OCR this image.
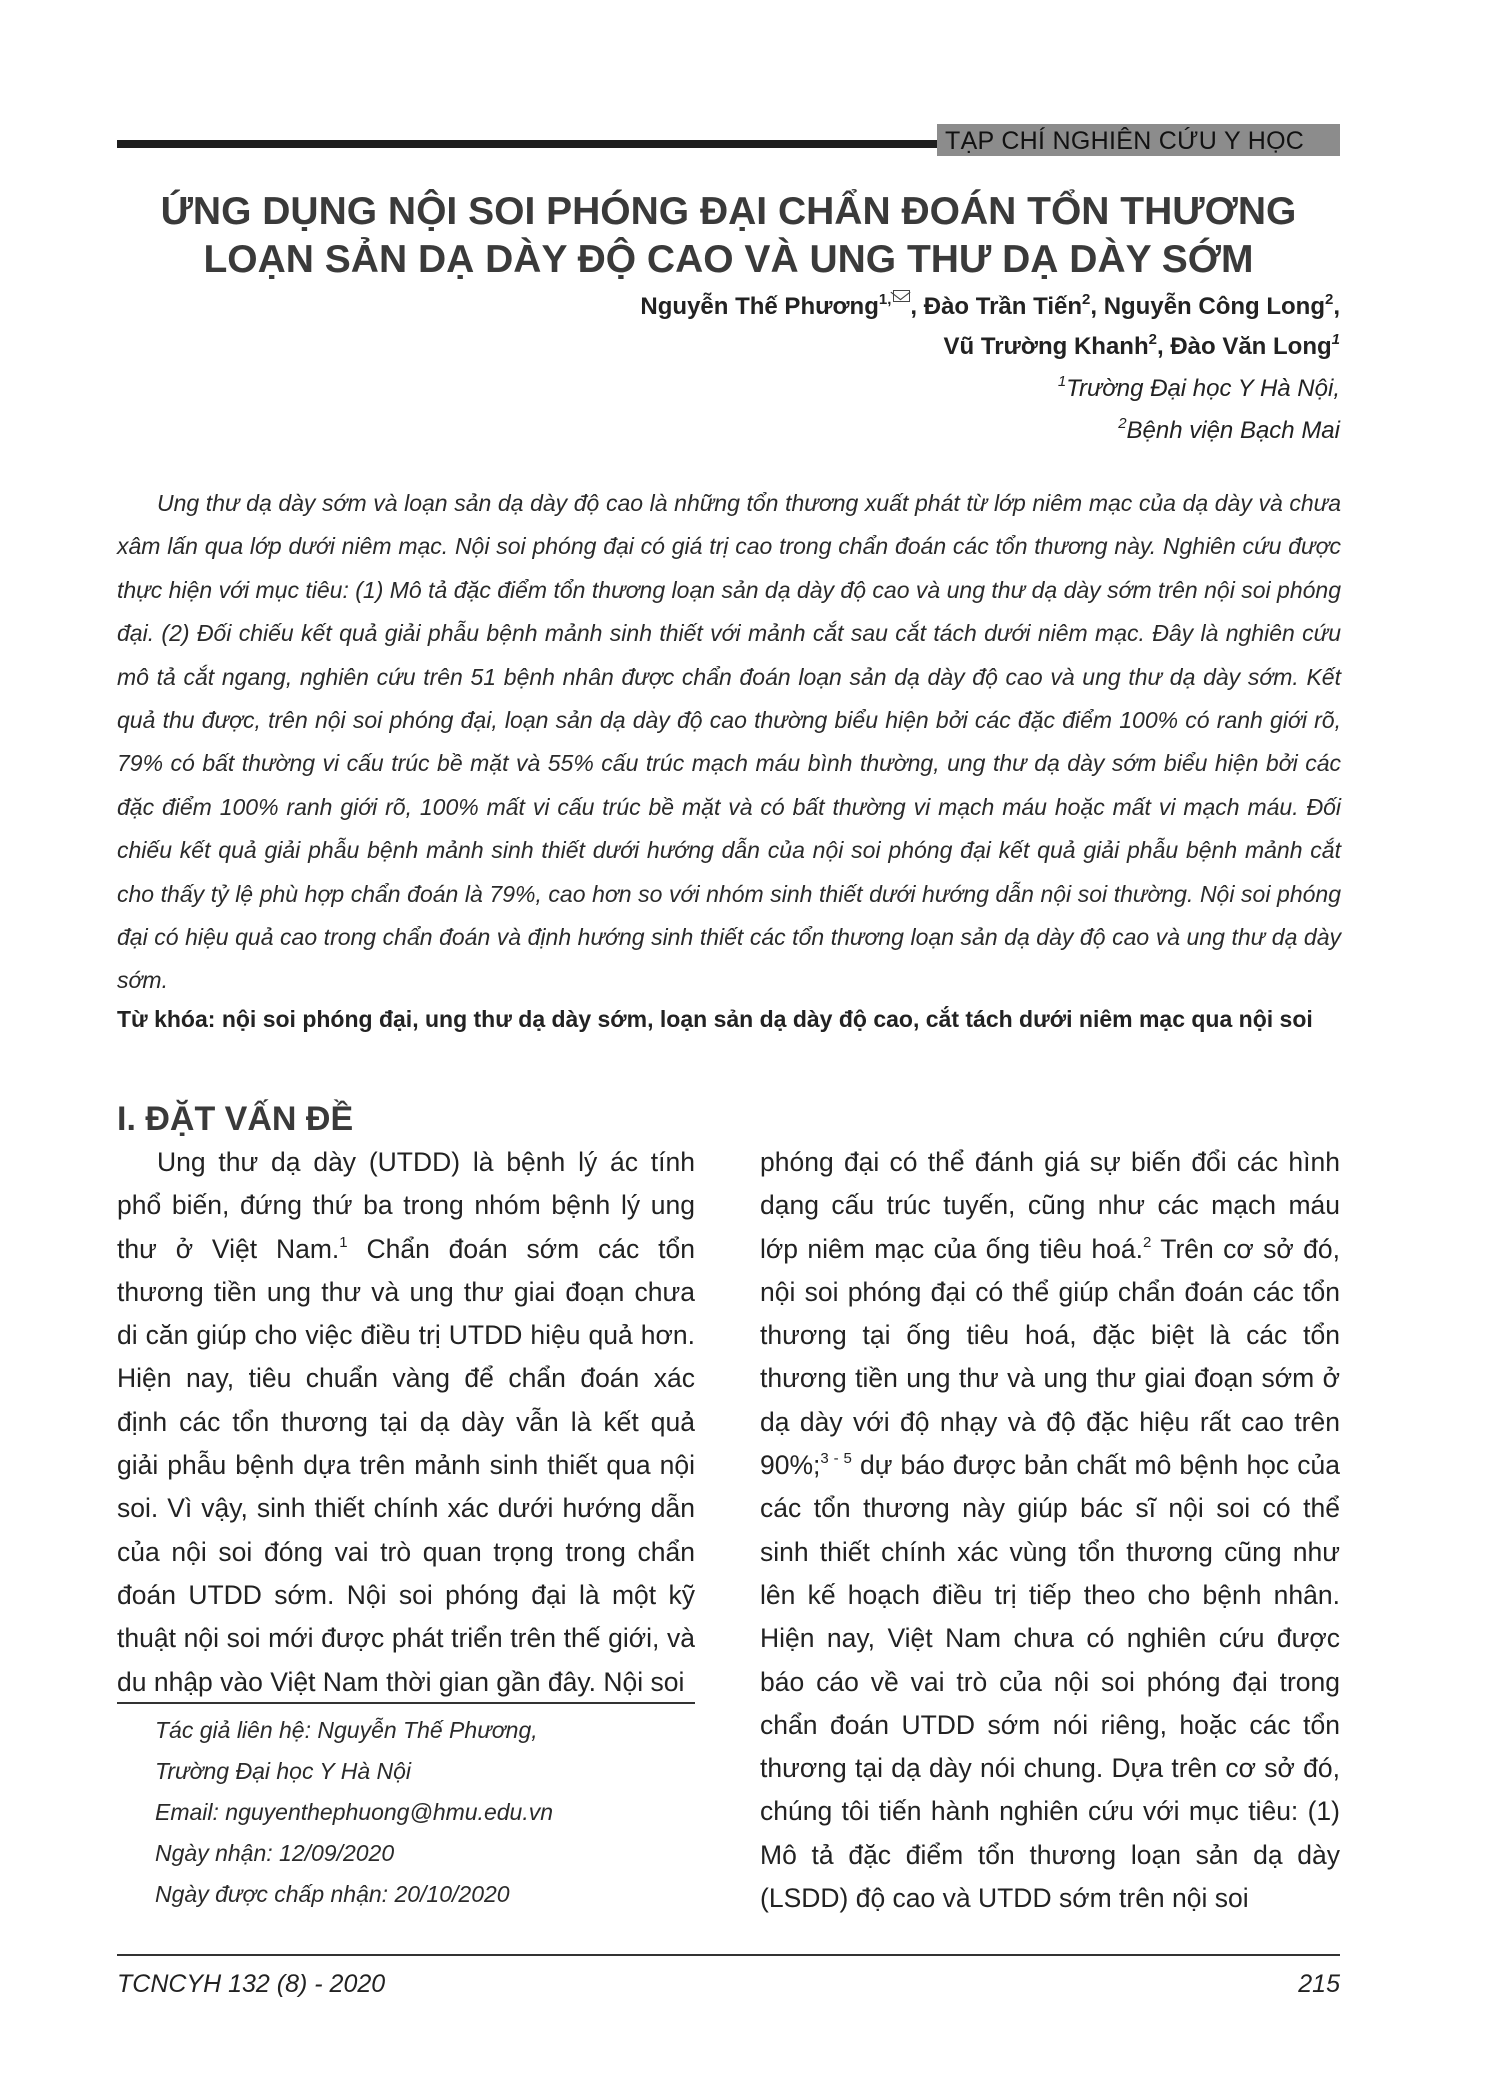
TẠP CHÍ NGHIÊN CỨU Y HỌC
ỨNG DỤNG NỘI SOI PHÓNG ĐẠI CHẨN ĐOÁN TỔN THƯƠNG
LOẠN SẢN DẠ DÀY ĐỘ CAO VÀ UNG THƯ DẠ DÀY SỚM
Nguyễn Thế Phương$^{1,}$ , Đào Trần Tiến$^2$, Nguyễn Công Long$^2$,
Vũ Trường Khanh$^2$, Đào Văn Long$^1$
$^1$Trường Đại học Y Hà Nội,
$^2$Bệnh viện Bạch Mai
Ung thư dạ dày sớm và loạn sản dạ dày độ cao là những tổn thương xuất phát từ lớp niêm mạc của dạ dày và chưa xâm lấn qua lớp dưới niêm mạc. Nội soi phóng đại có giá trị cao trong chẩn đoán các tổn thương này. Nghiên cứu được thực hiện với mục tiêu: (1) Mô tả đặc điểm tổn thương loạn sản dạ dày độ cao và ung thư dạ dày sớm trên nội soi phóng đại. (2) Đối chiếu kết quả giải phẫu bệnh mảnh sinh thiết với mảnh cắt sau cắt tách dưới niêm mạc. Đây là nghiên cứu mô tả cắt ngang, nghiên cứu trên 51 bệnh nhân được chẩn đoán loạn sản dạ dày độ cao và ung thư dạ dày sớm. Kết quả thu được, trên nội soi phóng đại, loạn sản dạ dày độ cao thường biểu hiện bởi các đặc điểm 100% có ranh giới rõ, 79% có bất thường vi cấu trúc bề mặt và 55% cấu trúc mạch máu bình thường, ung thư dạ dày sớm biểu hiện bởi các đặc điểm 100% ranh giới rõ, 100% mất vi cấu trúc bề mặt và có bất thường vi mạch máu hoặc mất vi mạch máu. Đối chiếu kết quả giải phẫu bệnh mảnh sinh thiết dưới hướng dẫn của nội soi phóng đại kết quả giải phẫu bệnh mảnh cắt cho thấy tỷ lệ phù hợp chẩn đoán là 79%, cao hơn so với nhóm sinh thiết dưới hướng dẫn nội soi thường. Nội soi phóng đại có hiệu quả cao trong chẩn đoán và định hướng sinh thiết các tổn thương loạn sản dạ dày độ cao và ung thư dạ dày sớm.
Từ khóa: nội soi phóng đại, ung thư dạ dày sớm, loạn sản dạ dày độ cao, cắt tách dưới niêm mạc qua nội soi
I. ĐẶT VẤN ĐỀ
Ung thư dạ dày (UTDD) là bệnh lý ác tính phổ biến, đứng thứ ba trong nhóm bệnh lý ung thư ở Việt Nam.$^1$ Chẩn đoán sớm các tổn thương tiền ung thư và ung thư giai đoạn chưa di căn giúp cho việc điều trị UTDD hiệu quả hơn. Hiện nay, tiêu chuẩn vàng để chẩn đoán xác định các tổn thương tại dạ dày vẫn là kết quả giải phẫu bệnh dựa trên mảnh sinh thiết qua nội soi. Vì vậy, sinh thiết chính xác dưới hướng dẫn của nội soi đóng vai trò quan trọng trong chẩn đoán UTDD sớm. Nội soi phóng đại là một kỹ thuật nội soi mới được phát triển trên thế giới, và du nhập vào Việt Nam thời gian gần đây. Nội soi
phóng đại có thể đánh giá sự biến đổi các hình dạng cấu trúc tuyến, cũng như các mạch máu lớp niêm mạc của ống tiêu hoá.$^2$ Trên cơ sở đó, nội soi phóng đại có thể giúp chẩn đoán các tổn thương tại ống tiêu hoá, đặc biệt là các tổn thương tiền ung thư và ung thư giai đoạn sớm ở dạ dày với độ nhạy và độ đặc hiệu rất cao trên 90%;$^{3 - 5}$ dự báo được bản chất mô bệnh học của các tổn thương này giúp bác sĩ nội soi có thể sinh thiết chính xác vùng tổn thương cũng như lên kế hoạch điều trị tiếp theo cho bệnh nhân. Hiện nay, Việt Nam chưa có nghiên cứu được báo cáo về vai trò của nội soi phóng đại trong chẩn đoán UTDD sớm nói riêng, hoặc các tổn thương tại dạ dày nói chung. Dựa trên cơ sở đó, chúng tôi tiến hành nghiên cứu với mục tiêu: (1) Mô tả đặc điểm tổn thương loạn sản dạ dày (LSDD) độ cao và UTDD sớm trên nội soi
Tác giả liên hệ: Nguyễn Thế Phương,
Trường Đại học Y Hà Nội
Email: nguyenthephuong@hmu.edu.vn
Ngày nhận: 12/09/2020
Ngày được chấp nhận: 20/10/2020
TCNCYH 132 (8) - 2020	215
